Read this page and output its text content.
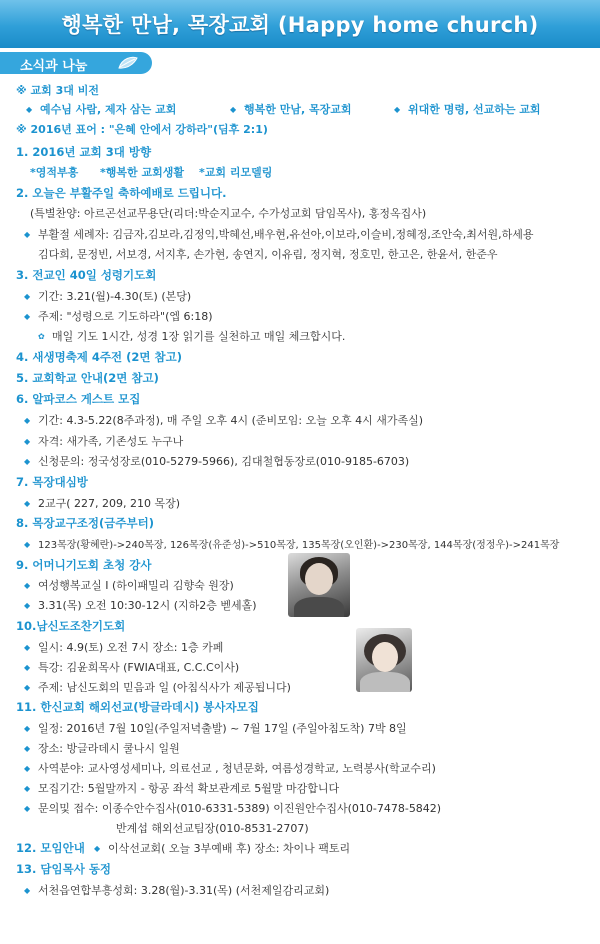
행복한 만남, 목장교회 (Happy home church)
소식과 나눔
※ 교회 3대 비전
◆ 예수님 사람, 제자 삼는 교회	◆ 행복한 만남, 목장교회	◆ 위대한 명령, 선교하는 교회
※ 2016년 표어 : "은혜 안에서 강하라"(딤후 2:1)
1. 2016년 교회 3대 방향
*영적부흥 *행복한 교회생활 *교회 리모델링
2. 오늘은 부활주일 축하예배로 드립니다.
(특별찬양: 아르곤선교무용단(리더:박순지교수, 수가성교회 담임목사), 홍정옥집사)
◆ 부활절 세례자: 김금자,김보라,김정익,박혜선,배우현,유선아,이보라,이슬비,정혜정,조안숙,최서원,하세용
김다희, 문정빈, 서보경, 서지후, 손가현, 송연지, 이유림, 정지혁, 정호민, 한고은, 한윤서, 한준우
3. 전교인 40일 성령기도회
◆ 기간: 3.21(월)-4.30(토) (본당)
◆ 주제: "성령으로 기도하라"(엡 6:18)
✿ 매일 기도 1시간, 성경 1장 읽기를 실천하고 매일 체크합시다.
4. 새생명축제 4주전 (2면 참고)
5. 교회학교 안내(2면 참고)
6. 알파코스 게스트 모집
◆ 기간: 4.3-5.22(8주과정), 매 주일 오후 4시 (준비모임: 오늘 오후 4시 새가족실)
◆ 자격: 새가족, 기존성도 누구나
◆ 신청문의: 정국성장로(010-5279-5966), 김대철협동장로(010-9185-6703)
7. 목장대심방
◆ 2교구( 227, 209, 210 목장)
8. 목장교구조정(금주부터)
◆ 123목장(황혜란)->240목장, 126목장(유준성)->510목장, 135목장(오인환)->230목장, 144목장(정정우)->241목장
9. 어머니기도회 초청 강사
◆ 여성행복교실 I (하이패밀리 김향숙 원장)
◆ 3.31(목) 오전 10:30-12시 (지하2층 벧세홀)
10.남신도조찬기도회
◆ 일시: 4.9(토) 오전 7시 장소: 1층 카페
◆ 특강: 김윤희목사 (FWIA대표, C.C.C이사)
◆ 주제: 남신도회의 믿음과 일 (아침식사가 제공됩니다)
11. 한신교회 해외선교(방글라데시) 봉사자모집
◆ 일정: 2016년 7월 10일(주일저녁출발) ~ 7월 17일 (주일아침도착) 7박 8일
◆ 장소: 방글라데시 쿨나시 일원
◆ 사역분야: 교사영성세미나, 의료선교 , 청년문화, 여름성경학교, 노력봉사(학교수리)
◆ 모집기간: 5월말까지 - 항공 좌석 확보관계로 5월말 마감합니다
◆ 문의및 접수: 이종수안수집사(010-6331-5389) 이진원안수집사(010-7478-5842)
반계섭 해외선교팀장(010-8531-2707)
12. 모임안내 ◆ 이삭선교회( 오늘 3부예배 후) 장소: 차이나 팩토리
13. 담임목사 동정
◆ 서천읍연합부흥성회: 3.28(월)-3.31(목) (서천제일감리교회)
